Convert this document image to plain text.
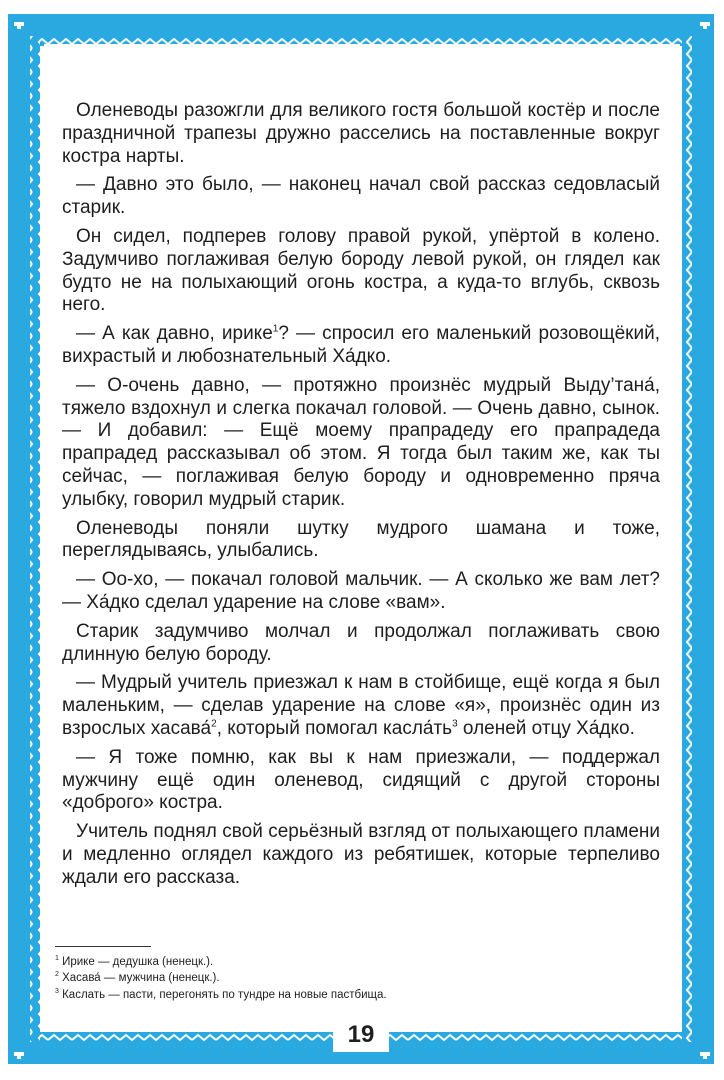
Оленеводы разожгли для великого гостя большой костёр и после праздничной трапезы дружно расселись на поставленные вокруг костра нарты.

— Давно это было, — наконец начал свой рассказ седовласый старик.

Он сидел, подперев голову правой рукой, упёртой в колено. Задумчиво поглаживая белую бороду левой рукой, он глядел как будто не на полыхающий огонь костра, а куда-то вглубь, сквозь него.

— А как давно, ирике$^1$? — спросил его маленький розовощёкий, вихрастый и любознательный Ха́дко.

— О-очень давно, — протяжно произнёс мудрый Выду’тана́, тяжело вздохнул и слегка покачал головой. — Очень давно, сынок. — И добавил: — Ещё моему прапрадеду его прапрадеда прапрадед рассказывал об этом. Я тогда был таким же, как ты сейчас, — поглаживая белую бороду и одновременно пряча улыбку, говорил мудрый старик.

Оленеводы поняли шутку мудрого шамана и тоже, переглядываясь, улыбались.

— Оо-хо, — покачал головой мальчик. — А сколько же вам лет? — Ха́дко сделал ударение на слове «вам».

Старик задумчиво молчал и продолжал поглаживать свою длинную белую бороду.

— Мудрый учитель приезжал к нам в стойбище, ещё когда я был маленьким, — сделав ударение на слове «я», произнёс один из взрослых хасава́$^2$, который помогал $касла́ть^3$ оленей отцу Ха́дко.

— Я тоже помню, как вы к нам приезжали, — поддержал мужчину ещё один оленевод, сидящий с другой стороны «доброго» костра.

Учитель поднял свой серьёзный взгляд от полыхающего пламени и медленно оглядел каждого из ребятишек, которые терпеливо ждали его рассказа.

$^1$ Ирике — дедушка (ненецк.).
$^2$ Хасава́ — мужчина (ненецк.).
$^3$ Каслать — пасти, перегонять по тундре на новые пастбища.
19
